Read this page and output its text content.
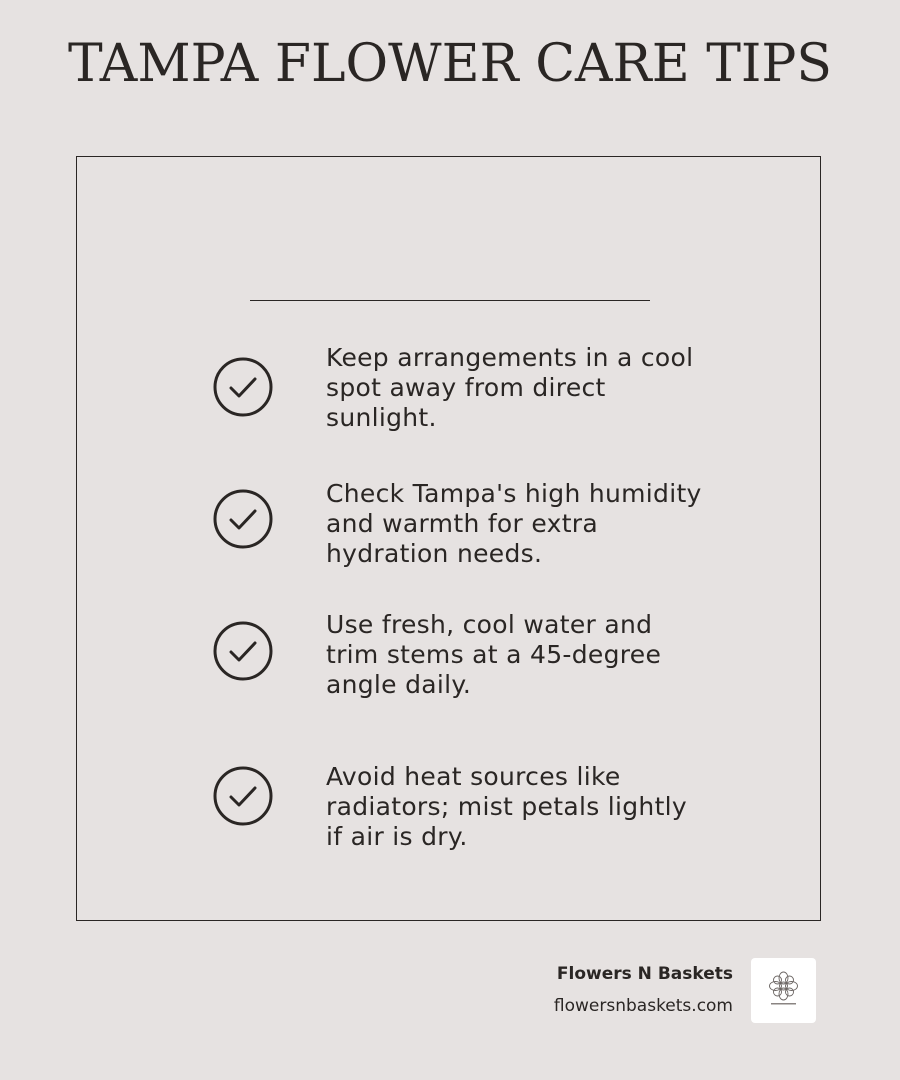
TAMPA FLOWER CARE TIPS
Keep arrangements in a cool
spot away from direct
sunlight.
Check Tampa's high humidity
and warmth for extra
hydration needs.
Use fresh, cool water and
trim stems at a 45-degree
angle daily.
Avoid heat sources like
radiators; mist petals lightly
if air is dry.
Flowers N Baskets
flowersnbaskets.com
